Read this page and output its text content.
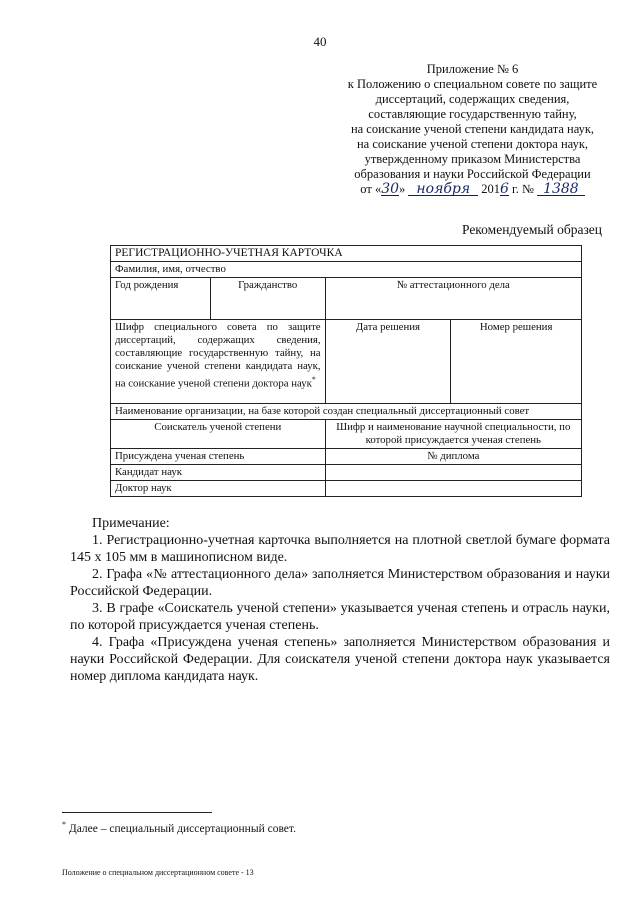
40
Приложение № 6
к Положению о специальном совете по защите
диссертаций, содержащих сведения,
составляющие государственную тайну,
на соискание ученой степени кандидата наук,
на соискание ученой степени доктора наук,
утвержденному приказом Министерства
образования и науки Российской Федерации
от «30» ноября 2016 г. № 1388
Рекомендуемый образец
РЕГИСТРАЦИОННО-УЧЕТНАЯ КАРТОЧКА			
Фамилия, имя, отчество			
Год рождения	Гражданство	№ аттестационного дела	
Шифр специального совета по защите диссертаций, содержащих сведения, составляющие государственную тайну, на соискание ученой степени кандидата наук, на соискание ученой степени доктора наук*		Дата решения	Номер решения
Наименование организации, на базе которой создан специальный диссертационный совет			
Соискатель ученой степени		Шифр и наименование научной специальности, по которой присуждается ученая степень	
Присуждена ученая степень		№ диплома	
Кандидат наук			
Доктор наук			

Примечание:

1. Регистрационно-учетная карточка выполняется на плотной светлой бумаге формата 145 х 105 мм в машинописном виде.

2. Графа «№ аттестационного дела» заполняется Министерством образования и науки Российской Федерации.

3. В графе «Соискатель ученой степени» указывается ученая степень и отрасль науки, по которой присуждается ученая степень.

4. Графа «Присуждена ученая степень» заполняется Министерством образования и науки Российской Федерации. Для соискателя ученой степени доктора наук указывается номер диплома кандидата наук.

* Далее – специальный диссертационный совет.
Положение о специальном диссертационном совете - 13
